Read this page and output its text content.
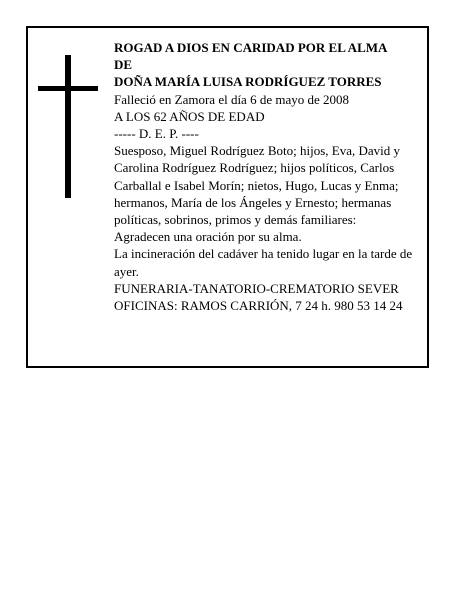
ROGAD A DIOS EN CARIDAD POR EL ALMA

DE

DOÑA MARÍA LUISA RODRÍGUEZ TORRES

Falleció en Zamora el día 6 de mayo de 2008

A LOS 62 AÑOS DE EDAD

----- D. E. P. ----

Suesposo, Miguel Rodríguez Boto; hijos, Eva, David y Carolina Rodríguez Rodríguez; hijos políticos, Carlos Carballal e Isabel Morín; nietos, Hugo, Lucas y Enma; hermanos, María de los Ángeles y Ernesto; hermanas políticas, sobrinos, primos y demás familiares:

Agradecen una oración por su alma.

La incineración del cadáver ha tenido lugar en la tarde de ayer.

FUNERARIA-TANATORIO-CREMATORIO SEVER

OFICINAS: RAMOS CARRIÓN, 7 24 h. 980 53 14 24
